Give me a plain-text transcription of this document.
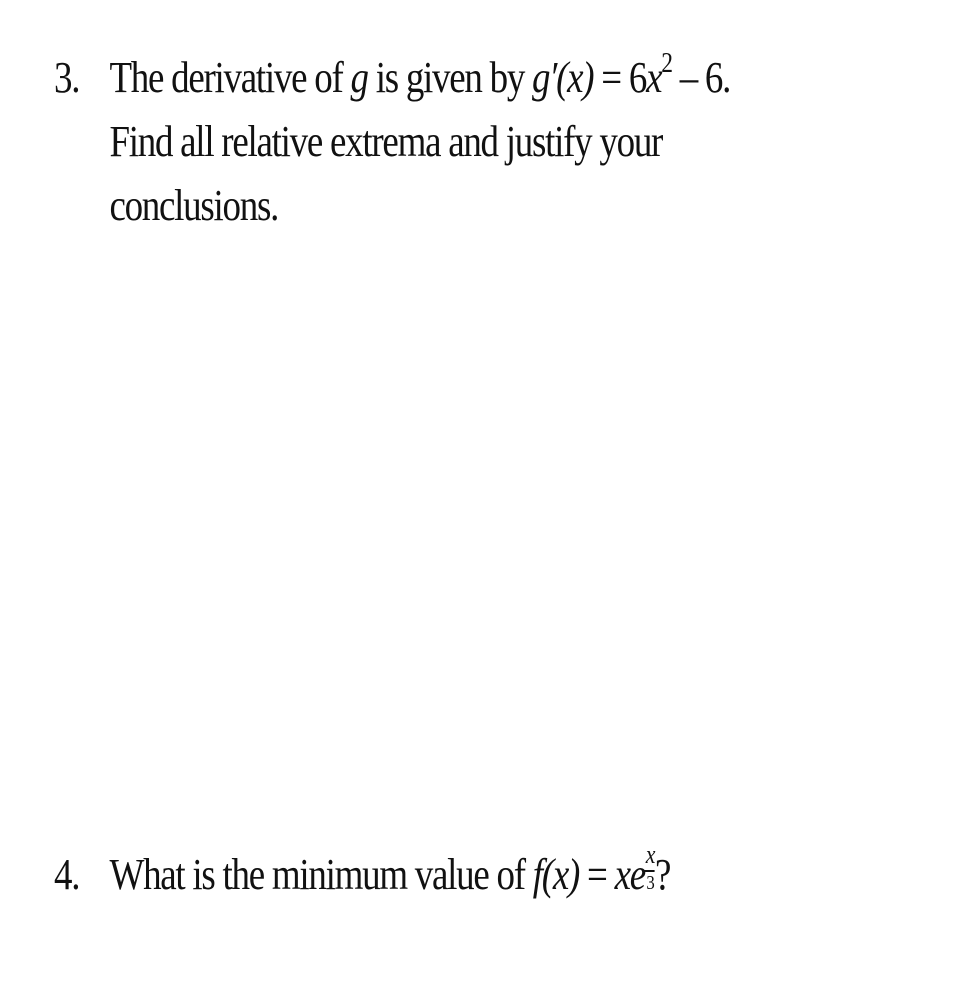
3. The derivative of g is given by $g'(x) = 6x^2 - 6$.
Find all relative extrema and justify your
conclusions.
4. What is the minimum value of f(x) = xe x
3 ?
